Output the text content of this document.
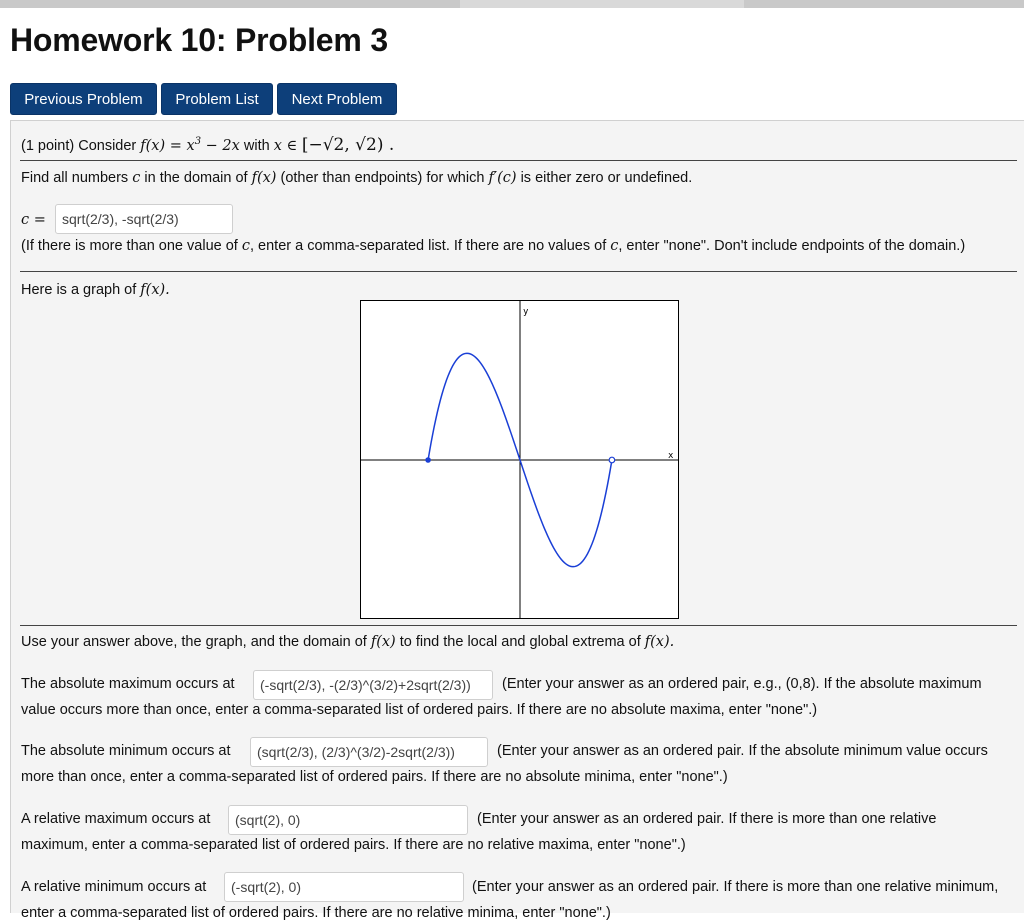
Homework 10: Problem 3
Previous Problem	Problem List	Next Problem
(1 point) Consider $f(x) = x^3 - 2x$ with x ∈ [−√2, √2) .
Find all numbers c in the domain of f(x) (other than endpoints) for which f′(c) is either zero or undefined.
c =	sqrt(2/3), -sqrt(2/3)
(If there is more than one value of c, enter a comma-separated list. If there are no values of c, enter "none". Don't include endpoints of the domain.)
Here is a graph of f(x).
y
x
Use your answer above, the graph, and the domain of f(x) to find the local and global extrema of f(x).
The absolute maximum occurs at	(-sqrt(2/3), -(2/3)^(3/2)+2sqrt(2/3))	(Enter your answer as an ordered pair, e.g., (0,8). If the absolute maximum
value occurs more than once, enter a comma-separated list of ordered pairs. If there are no absolute maxima, enter "none".)
The absolute minimum occurs at	(sqrt(2/3), (2/3)^(3/2)-2sqrt(2/3))	(Enter your answer as an ordered pair. If the absolute minimum value occurs
more than once, enter a comma-separated list of ordered pairs. If there are no absolute minima, enter "none".)
A relative maximum occurs at	(sqrt(2), 0)	(Enter your answer as an ordered pair. If there is more than one relative
maximum, enter a comma-separated list of ordered pairs. If there are no relative maxima, enter "none".)
A relative minimum occurs at	(-sqrt(2), 0)	(Enter your answer as an ordered pair. If there is more than one relative minimum,
enter a comma-separated list of ordered pairs. If there are no relative minima, enter "none".)
